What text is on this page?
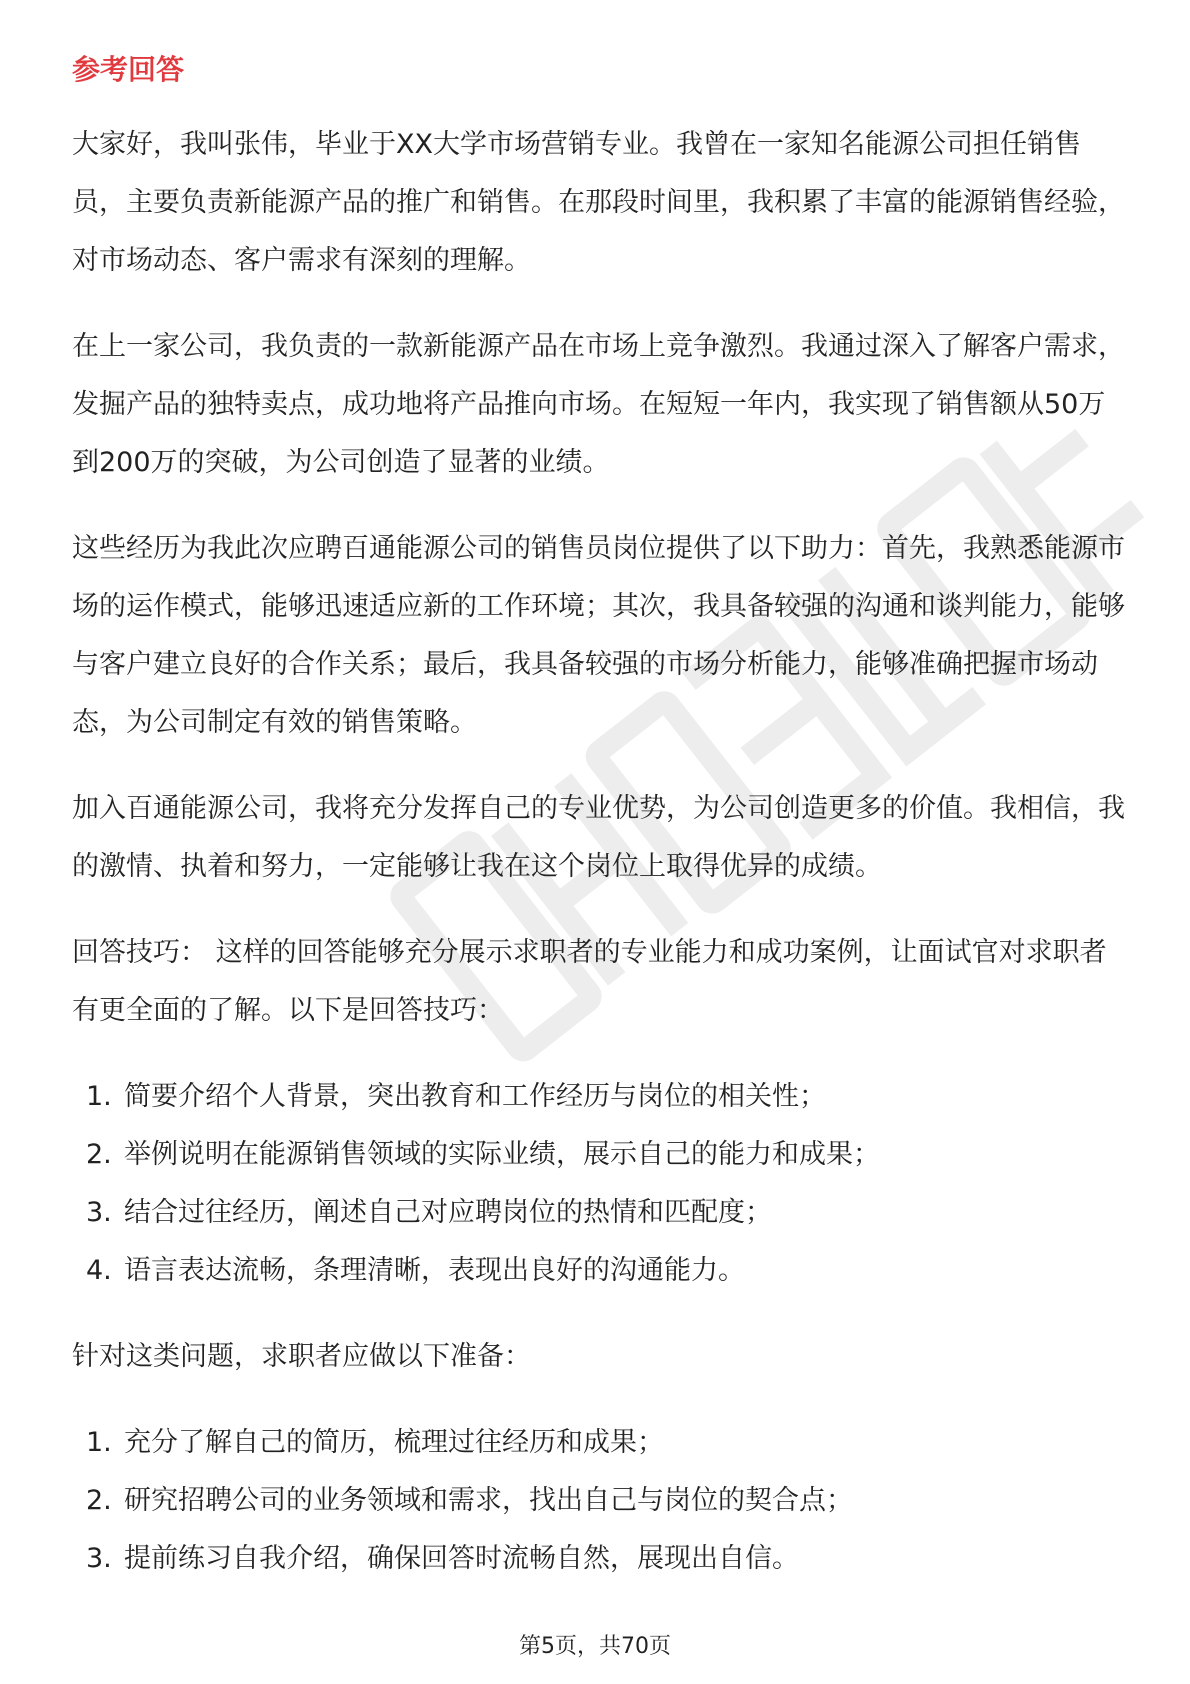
参考回答

大家好，我叫张伟，毕业于XX大学市场营销专业。我曾在一家知名能源公司担任销售员，主要负责新能源产品的推广和销售。在那段时间里，我积累了丰富的能源销售经验，对市场动态、客户需求有深刻的理解。

在上一家公司，我负责的一款新能源产品在市场上竞争激烈。我通过深入了解客户需求，发掘产品的独特卖点，成功地将产品推向市场。在短短一年内，我实现了销售额从50万到200万的突破，为公司创造了显著的业绩。

这些经历为我此次应聘百通能源公司的销售员岗位提供了以下助力：首先，我熟悉能源市场的运作模式，能够迅速适应新的工作环境；其次，我具备较强的沟通和谈判能力，能够与客户建立良好的合作关系；最后，我具备较强的市场分析能力，能够准确把握市场动态，为公司制定有效的销售策略。

加入百通能源公司，我将充分发挥自己的专业优势，为公司创造更多的价值。我相信，我的激情、执着和努力，一定能够让我在这个岗位上取得优异的成绩。

回答技巧： 这样的回答能够充分展示求职者的专业能力和成功案例，让面试官对求职者有更全面的了解。以下是回答技巧：

1. 简要介绍个人背景，突出教育和工作经历与岗位的相关性；
2. 举例说明在能源销售领域的实际业绩，展示自己的能力和成果；
3. 结合过往经历，阐述自己对应聘岗位的热情和匹配度；
4. 语言表达流畅，条理清晰，表现出良好的沟通能力。

针对这类问题，求职者应做以下准备：

1. 充分了解自己的简历，梳理过往经历和成果；
2. 研究招聘公司的业务领域和需求，找出自己与岗位的契合点；
3. 提前练习自我介绍，确保回答时流畅自然，展现出自信。
第5页，共70页
